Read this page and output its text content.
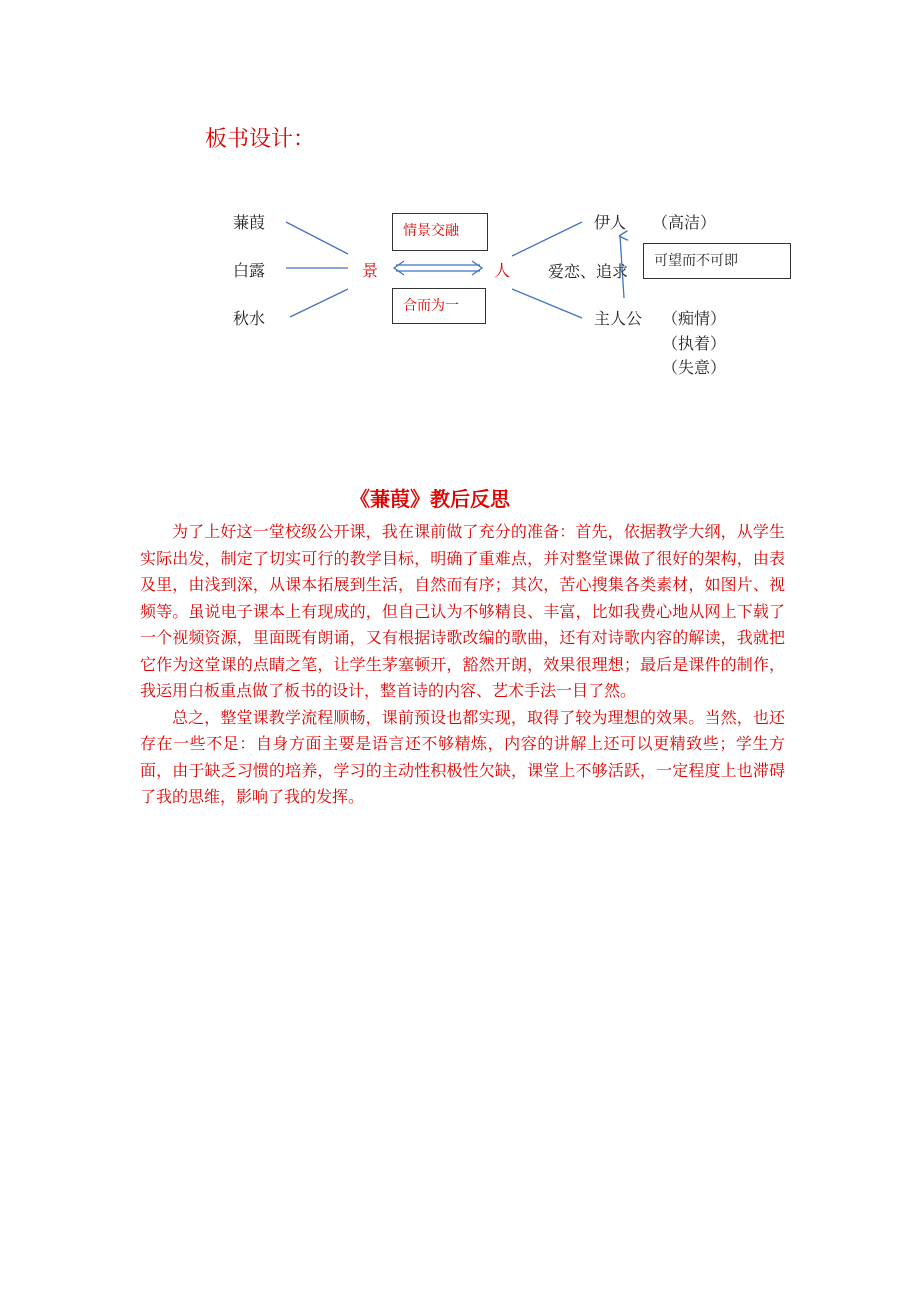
板书设计：
蒹葭
白露
秋水
景	人
情景交融
合而为一
伊人 （高洁）
爱恋、追求
可望而不可即
主人公 （痴情）
（执着）
（失意）
《蒹葭》教后反思

为了上好这一堂校级公开课，我在课前做了充分的准备：首先，依据教学大纲，从学生实际出发，制定了切实可行的教学目标，明确了重难点，并对整堂课做了很好的架构，由表及里，由浅到深，从课本拓展到生活，自然而有序；其次，苦心搜集各类素材，如图片、视频等。虽说电子课本上有现成的，但自己认为不够精良、丰富，比如我费心地从网上下载了一个视频资源，里面既有朗诵，又有根据诗歌改编的歌曲，还有对诗歌内容的解读，我就把它作为这堂课的点睛之笔，让学生茅塞顿开，豁然开朗，效果很理想；最后是课件的制作，我运用白板重点做了板书的设计，整首诗的内容、艺术手法一目了然。

总之，整堂课教学流程顺畅，课前预设也都实现，取得了较为理想的效果。当然，也还存在一些不足：自身方面主要是语言还不够精炼，内容的讲解上还可以更精致些；学生方面，由于缺乏习惯的培养，学习的主动性积极性欠缺，课堂上不够活跃，一定程度上也滞碍了我的思维，影响了我的发挥。
